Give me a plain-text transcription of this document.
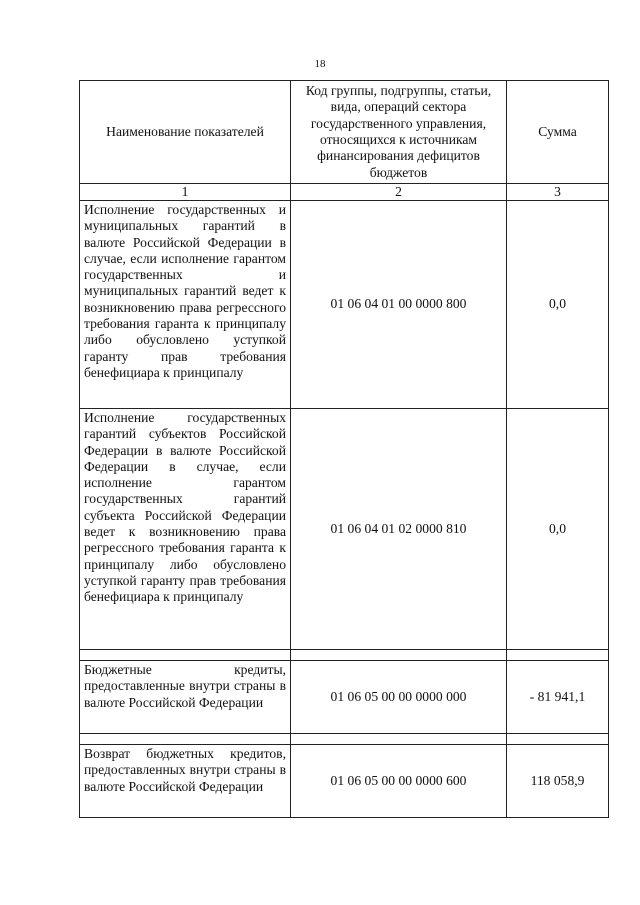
18
Наименование показателей	Код группы, подгруппы, статьи, вида, операций сектора государственного управления, относящихся к источникам финансирования дефицитов бюджетов	Сумма
1	2	3

Исполнение государственных и муниципальных гарантий в валюте Российской Федерации в случае, если исполнение гарантом государственных и муниципальных гарантий ведет к возникновению права регрессного требования гаранта к принципалу либо обусловлено уступкой гаранту прав требования бенефициара к принципалу	01 06 04 01 00 0000 800	0,0

Исполнение государственных гарантий субъектов Российской Федерации в валюте Российской Федерации в случае, если исполнение гарантом государственных гарантий субъекта Российской Федерации ведет к возникновению права регрессного требования гаранта к принципалу либо обусловлено уступкой гаранту прав требования бенефициара к принципалу	01 06 04 01 02 0000 810	0,0

Бюджетные кредиты, предоставленные внутри страны в валюте Российской Федерации	01 06 05 00 00 0000 000	- 81 941,1

Возврат бюджетных кредитов, предоставленных внутри страны в валюте Российской Федерации	01 06 05 00 00 0000 600	118 058,9
